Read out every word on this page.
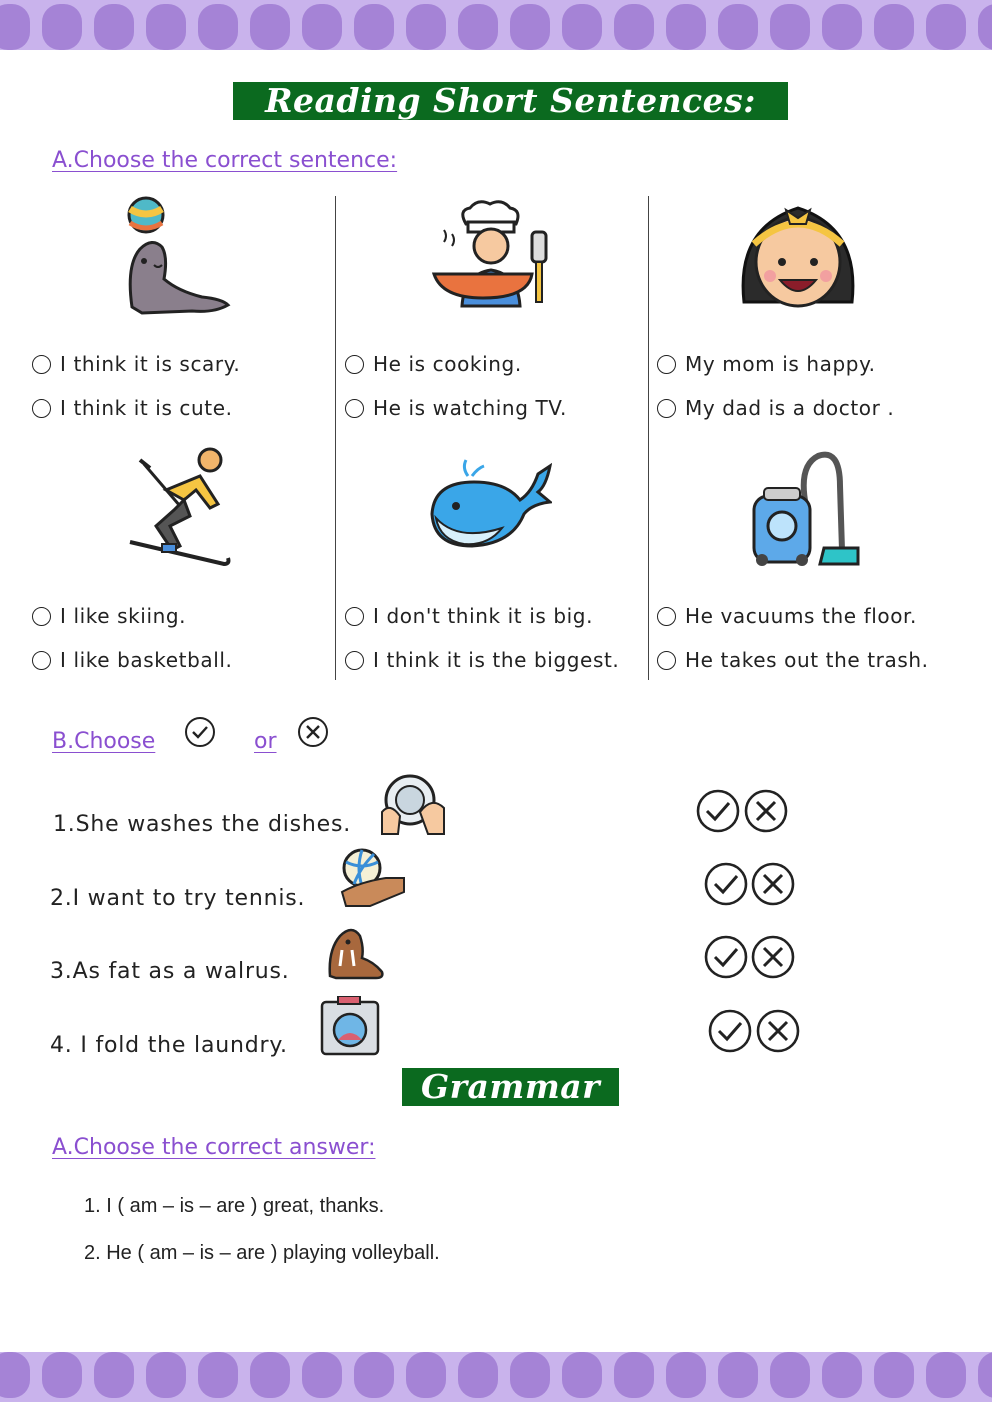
Reading Short Sentences:
A.Choose the correct sentence:
I think it is scary.
I think it is cute.
He is cooking.
He is watching TV.
My mom is happy.
My dad is a doctor .
I like skiing.
I like basketball.
I don't think it is big.
I think it is the biggest.
He vacuums the floor.
He takes out the trash.
B.Choose	or
1.She washes the dishes.
2.I want to try tennis.
3.As fat as a walrus.
4. I fold the laundry.
Grammar
A.Choose the correct answer:
1. I ( am – is – are ) great, thanks.
2. He ( am – is – are ) playing volleyball.
